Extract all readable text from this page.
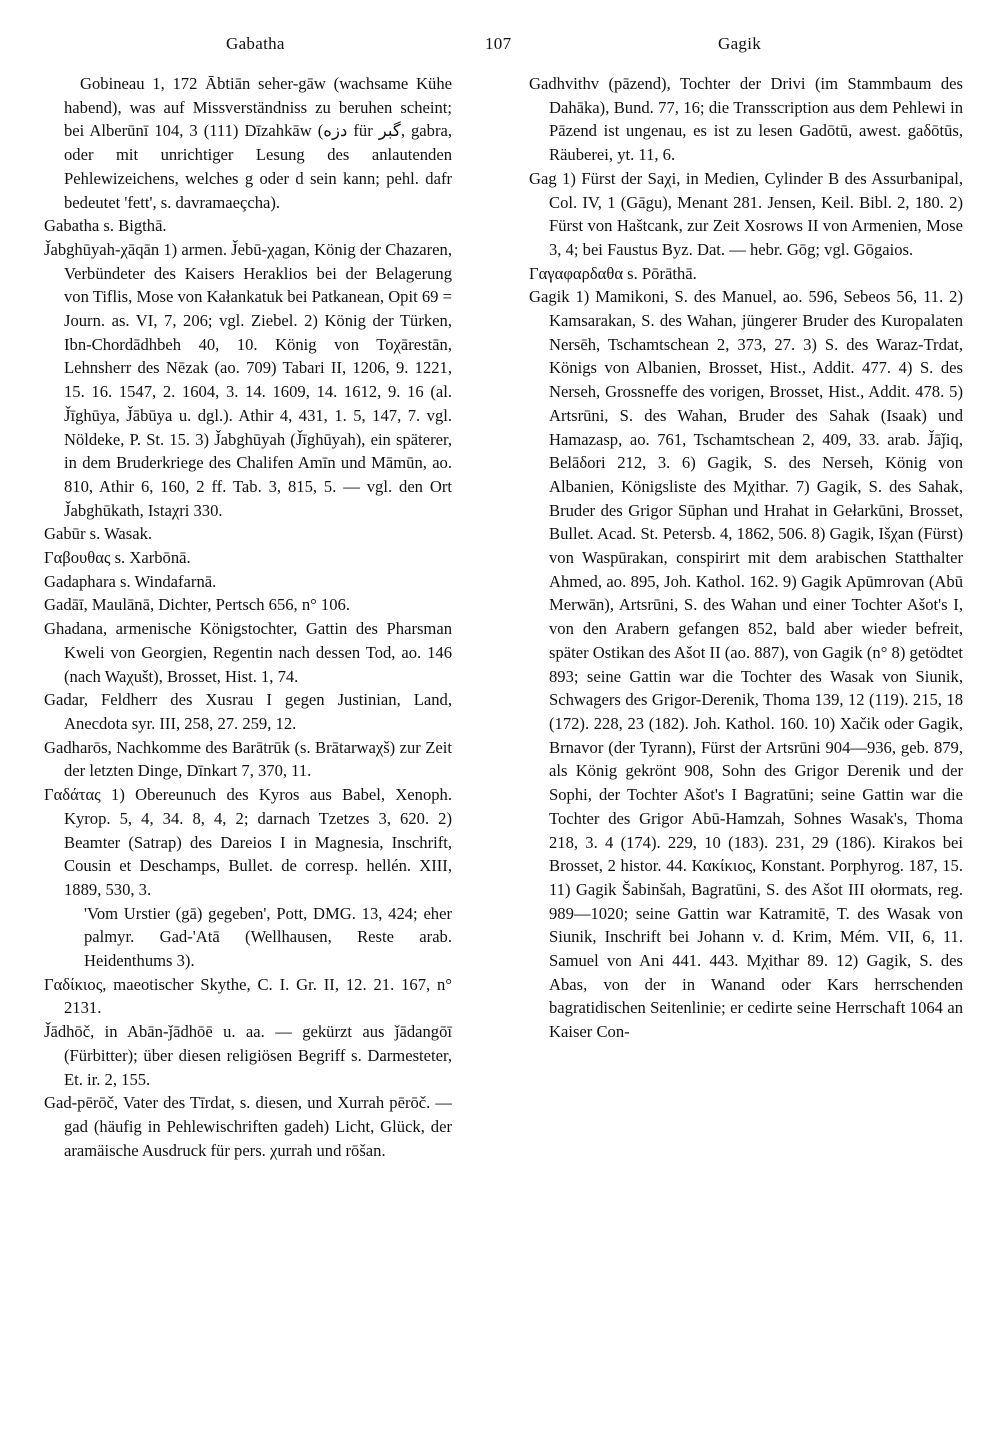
Gabatha	107	Gagik

Gobineau 1, 172 Ābtiān seher-gāw (wachsame Kühe habend), was auf Missverständniss zu beruhen scheint; bei Alberūnī 104, 3 (111) Dīzahkāw (دزه für گبر, gabra, oder mit unrichtiger Lesung des anlautenden Pehlewizeichens, welches g oder d sein kann; pehl. dafr bedeutet 'fett', s. davramaeçcha).

Gabatha s. Bigthā.

J̌abghūyah-χāqān 1) armen. J̌ebū-χagan, König der Chazaren, Verbündeter des Kaisers Heraklios bei der Belagerung von Tiflis, Mose von Kałankatuk bei Patkanean, Opit 69 = Journ. as. VI, 7, 206; vgl. Ziebel. 2) König der Türken, Ibn-Chordādhbeh 40, 10. König von Toχārestān, Lehnsherr des Nēzak (ao. 709) Tabari II, 1206, 9. 1221, 15. 16. 1547, 2. 1604, 3. 14. 1609, 14. 1612, 9. 16 (al. J̌īghūya, J̌ābūya u. dgl.). Athir 4, 431, 1. 5, 147, 7. vgl. Nöldeke, P. St. 15. 3) J̌abghūyah (J̌īghūyah), ein späterer, in dem Bruderkriege des Chalifen Amīn und Māmūn, ao. 810, Athir 6, 160, 2 ff. Tab. 3, 815, 5. — vgl. den Ort J̌abghūkath, Istaχri 330.

Gabūr s. Wasak.

Γαβουθας s. Xarbōnā.

Gadaphara s. Windafarnā.

Gadāī, Maulānā, Dichter, Pertsch 656, n° 106.

Ghadana, armenische Königstochter, Gattin des Pharsman Kweli von Georgien, Regentin nach dessen Tod, ao. 146 (nach Waχušt), Brosset, Hist. 1, 74.

Gadar, Feldherr des Xusrau I gegen Justinian, Land, Anecdota syr. III, 258, 27. 259, 12.

Gadharōs, Nachkomme des Barātrūk (s. Brātarwaχš) zur Zeit der letzten Dinge, Dīnkart 7, 370, 11.

Γαδάτας 1) Obereunuch des Kyros aus Babel, Xenoph. Kyrop. 5, 4, 34. 8, 4, 2; darnach Tzetzes 3, 620. 2) Beamter (Satrap) des Dareios I in Magnesia, Inschrift, Cousin et Deschamps, Bullet. de corresp. hellén. XIII, 1889, 530, 3.

'Vom Urstier (gā) gegeben', Pott, DMG. 13, 424; eher palmyr. Gad-'Atā (Wellhausen, Reste arab. Heidenthums 3).

Γαδίκιος, maeotischer Skythe, C. I. Gr. II, 12. 21. 167, n° 2131.

J̌ādhōč, in Abān-ǰādhōē u. aa. — gekürzt aus ǰādangōī (Fürbitter); über diesen religiösen Begriff s. Darmesteter, Et. ir. 2, 155.

Gad-pērōč, Vater des Tīrdat, s. diesen, und Xurrah pērōč. — gad (häufig in Pehlewischriften gadeh) Licht, Glück, der aramäische Ausdruck für pers. χurrah und rōšan.

Gadhvithv (pāzend), Tochter der Drivi (im Stammbaum des Dahāka), Bund. 77, 16; die Transscription aus dem Pehlewi in Pāzend ist ungenau, es ist zu lesen Gadōtū, awest. gaδōtūs, Räuberei, yt. 11, 6.

Gag 1) Fürst der Saχi, in Medien, Cylinder B des Assurbanipal, Col. IV, 1 (Gāgu), Menant 281. Jensen, Keil. Bibl. 2, 180. 2) Fürst von Haštcank, zur Zeit Xosrows II von Armenien, Mose 3, 4; bei Faustus Byz. Dat. — hebr. Gōg; vgl. Gōgaios.

Γαγαφαρδαθα s. Pōrāthā.

Gagik 1) Mamikoni, S. des Manuel, ao. 596, Sebeos 56, 11. 2) Kamsarakan, S. des Wahan, jüngerer Bruder des Kuropalaten Nersēh, Tschamtschean 2, 373, 27. 3) S. des Waraz-Trdat, Königs von Albanien, Brosset, Hist., Addit. 477. 4) S. des Nerseh, Grossneffe des vorigen, Brosset, Hist., Addit. 478. 5) Artsrūni, S. des Wahan, Bruder des Sahak (Isaak) und Hamazasp, ao. 761, Tschamtschean 2, 409, 33. arab. J̌āǰiq, Belāδori 212, 3. 6) Gagik, S. des Nerseh, König von Albanien, Königsliste des Mχithar. 7) Gagik, S. des Sahak, Bruder des Grigor Sūphan und Hrahat in Gełarkūni, Brosset, Bullet. Acad. St. Petersb. 4, 1862, 506. 8) Gagik, Išχan (Fürst) von Waspūrakan, conspirirt mit dem arabischen Statthalter Ahmed, ao. 895, Joh. Kathol. 162. 9) Gagik Apūmrovan (Abū Merwān), Artsrūni, S. des Wahan und einer Tochter Ašot's I, von den Arabern gefangen 852, bald aber wieder befreit, später Ostikan des Ašot II (ao. 887), von Gagik (n° 8) getödtet 893; seine Gattin war die Tochter des Wasak von Siunik, Schwagers des Grigor-Derenik, Thoma 139, 12 (119). 215, 18 (172). 228, 23 (182). Joh. Kathol. 160. 10) Xačik oder Gagik, Brnavor (der Tyrann), Fürst der Artsrūni 904—936, geb. 879, als König gekrönt 908, Sohn des Grigor Derenik und der Sophi, der Tochter Ašot's I Bagratūni; seine Gattin war die Tochter des Grigor Abū-Hamzah, Sohnes Wasak's, Thoma 218, 3. 4 (174). 229, 10 (183). 231, 29 (186). Kirakos bei Brosset, 2 histor. 44. Κακίκιος, Konstant. Porphyrog. 187, 15. 11) Gagik Šabinšah, Bagratūni, S. des Ašot III ołormats, reg. 989—1020; seine Gattin war Katramitē, T. des Wasak von Siunik, Inschrift bei Johann v. d. Krim, Mém. VII, 6, 11. Samuel von Ani 441. 443. Mχithar 89. 12) Gagik, S. des Abas, von der in Wanand oder Kars herrschenden bagratidischen Seitenlinie; er cedirte seine Herrschaft 1064 an Kaiser Con-
